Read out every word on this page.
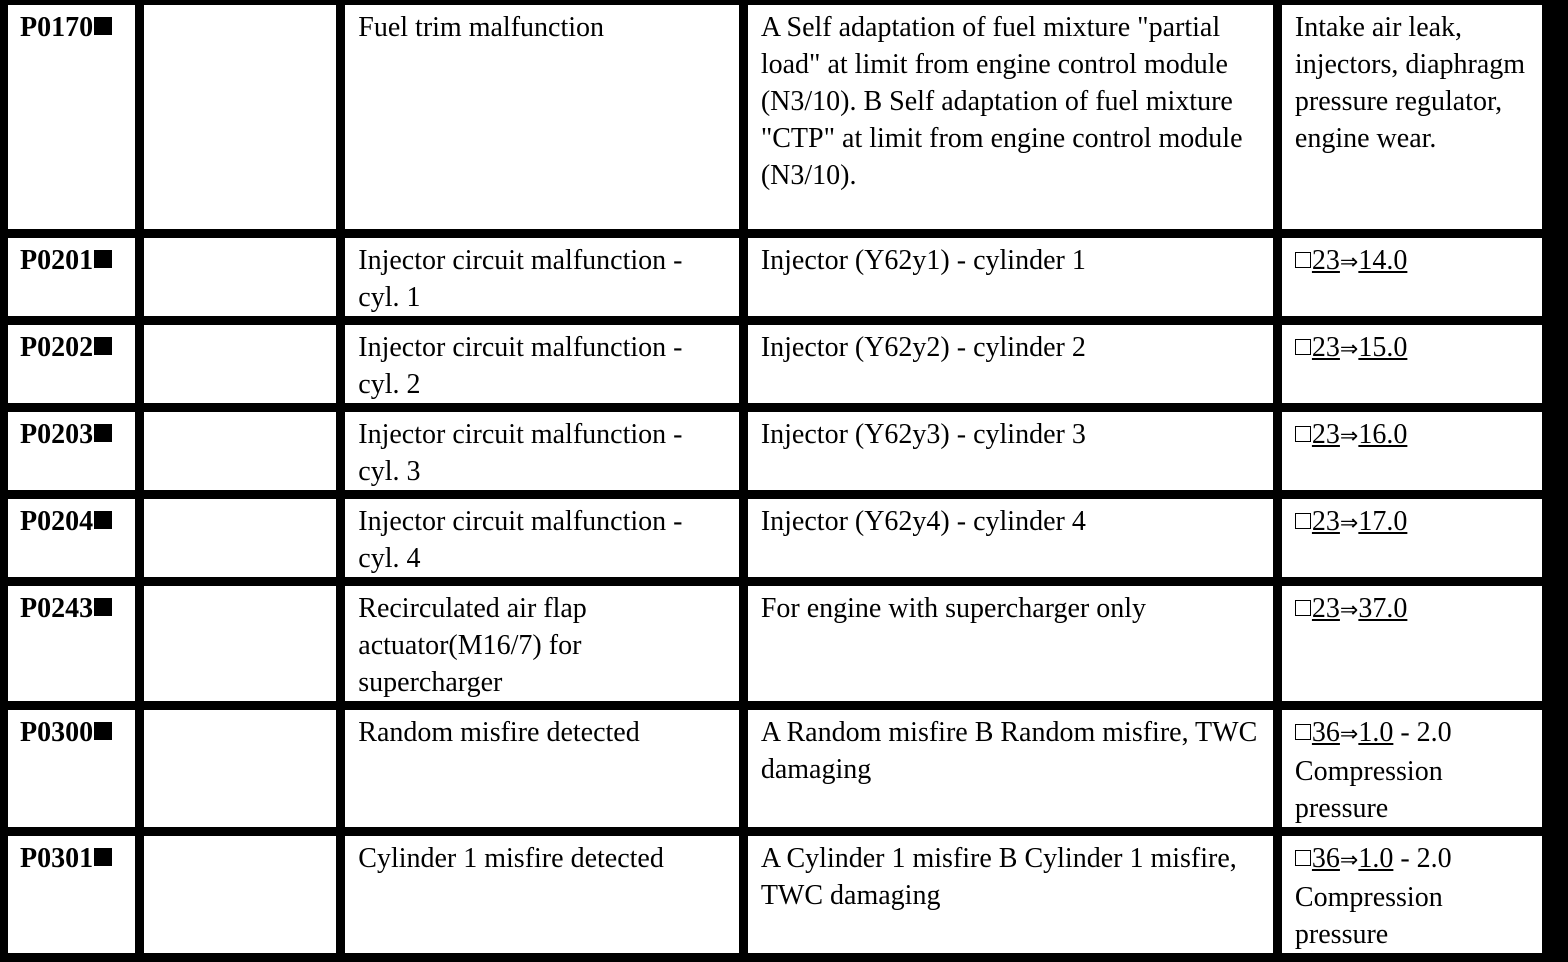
P0170		Fuel trim malfunction	A Self adaptation of fuel mixture "partial load" at limit from engine control module (N3/10). B Self adaptation of fuel mixture "CTP" at limit from engine control module (N3/10).	Intake air leak, injectors, diaphragm pressure regulator, engine wear.
P0201		Injector circuit malfunction - cyl. 1	Injector (Y62y1) - cylinder 1	23⇒14.0
P0202		Injector circuit malfunction - cyl. 2	Injector (Y62y2) - cylinder 2	23⇒15.0
P0203		Injector circuit malfunction - cyl. 3	Injector (Y62y3) - cylinder 3	23⇒16.0
P0204		Injector circuit malfunction - cyl. 4	Injector (Y62y4) - cylinder 4	23⇒17.0
P0243		Recirculated air flap actuator(M16/7) for supercharger	For engine with supercharger only	23⇒37.0
P0300		Random misfire detected	A Random misfire B Random misfire, TWC damaging	36⇒1.0 - 2.0 Compression pressure
P0301		Cylinder 1 misfire detected	A Cylinder 1 misfire B Cylinder 1 misfire, TWC damaging	36⇒1.0 - 2.0 Compression pressure
